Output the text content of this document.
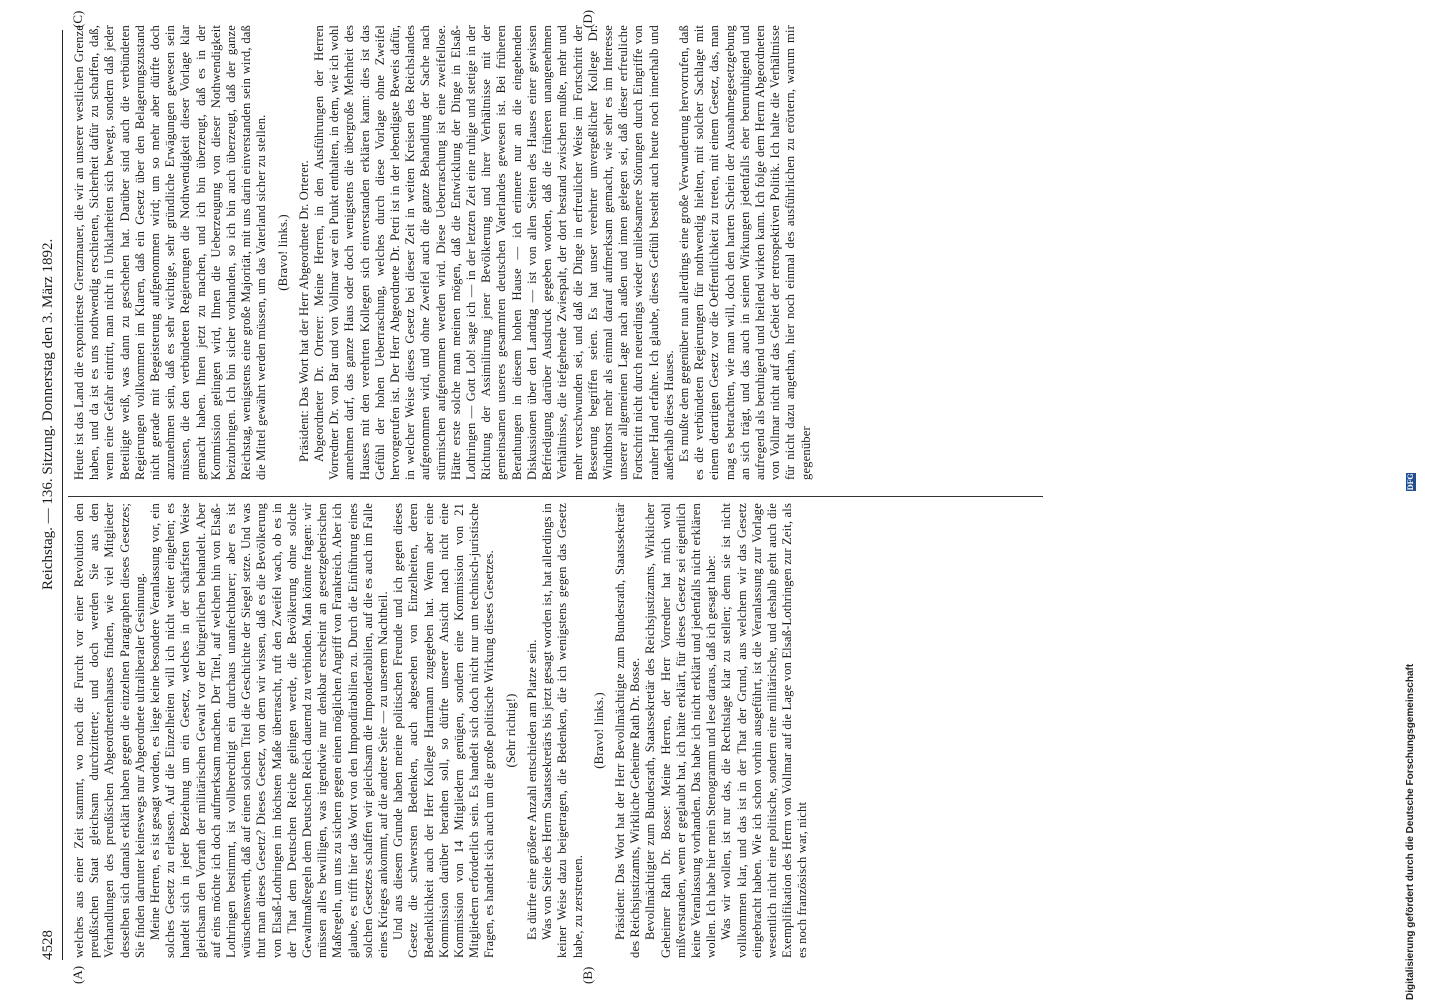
4528
Reichstag. — 136. Sitzung. Donnerstag den 3. März 1892.
(A)	(B)
(C)	(D)

welches aus einer Zeit stammt, wo noch die Furcht vor einer Revolution den preußischen Staat gleichsam durchzitterte; und doch werden Sie aus den Verhandlungen des preußischen Abgeordnetenhauses finden, wie viel Mitglieder desselben sich damals erklärt haben gegen die einzelnen Paragraphen dieses Gesetzes; Sie finden darunter keineswegs nur Abgeordnete ultraliberaler Gesinnung. Meine Herren, es ist gesagt worden, es liege keine besondere Veranlassung vor, ein solches Gesetz zu erlassen. Auf die Einzelheiten will ich nicht weiter eingehen; es handelt sich in jeder Beziehung um ein Gesetz, welches in der schärfsten Weise gleichsam den Vorrath der militärischen Gewalt vor der bürgerlichen behandelt. Aber auf eins möchte ich doch aufmerksam machen. Der Titel, auf welchen hin von Elsaß-Lothringen bestimmt, ist vollberechtigt ein durchaus unanfechtbarer; aber es ist wünschenswerth, daß auf einen solchen Titel die Geschichte der Siegel setze. Und was thut man dieses Gesetz? Dieses Gesetz, von dem wir wissen, daß es die Bevölkerung von Elsaß-Lothringen im höchsten Maße überrascht, ruft den Zweifel wach, ob es in der That dem Deutschen Reiche gelingen werde, die Bevölkerung ohne solche Gewaltmaßregeln dem Deutschen Reich dauernd zu verbinden. Man könnte fragen: wir müssen alles bewilligen, was irgendwie nur denkbar erscheint an gesetzgeberischen Maßregeln, um uns zu sichern gegen einen möglichen Angriff von Frankreich. Aber ich glaube, es trifft hier das Wort von den Impondirabilien zu. Durch die Einführung eines solchen Gesetzes schaffen wir gleichsam die Imponderabilien, auf die es auch im Falle eines Krieges ankommt, auf die andere Seite — zu unserem Nachtheil. Und aus diesem Grunde haben meine politischen Freunde und ich gegen dieses Gesetz die schwersten Bedenken, auch abgesehen von Einzelheiten, deren Bedenklichkeit auch der Herr Kollege Hartmann zugegeben hat. Wenn aber eine Kommission darüber berathen soll, so dürfte unserer Ansicht nach nicht eine Kommission von 14 Mitgliedern genügen, sondern eine Kommission von 21 Mitgliedern erforderlich sein. Es handelt sich doch nicht nur um technisch-juristische Fragen, es handelt sich auch um die große politische Wirkung dieses Gesetzes. (Sehr richtig!) Es dürfte eine größere Anzahl entschieden am Platze sein. Was von Seite des Herrn Staatssekretärs bis jetzt gesagt worden ist, hat allerdings in keiner Weise dazu beigetragen, die Bedenken, die ich wenigstens gegen das Gesetz habe, zu zerstreuen.

(Bravo! links.) Präsident: Das Wort hat der Herr Bevollmächtigte zum Bundesrath, Staatssekretär des Reichsjustizamts, Wirkliche Geheime Rath Dr. Bosse. Bevollmächtigter zum Bundesrath, Staatssekretär des Reichsjustizamts, Wirklicher Geheimer Rath Dr. Bosse: Meine Herren, der Herr Vorredner hat mich wohl mißverstanden, wenn er geglaubt hat, ich hätte erklärt, für dieses Gesetz sei eigentlich keine Veranlassung vorhanden. Das habe ich nicht erklärt und jedenfalls nicht erklären wollen. Ich habe hier mein Stenogramm und lese daraus, daß ich gesagt habe: Was wir wollen, ist nur das, die Rechtslage klar zu stellen; denn sie ist nicht vollkommen klar, und das ist in der That der Grund, aus welchem wir das Gesetz eingebracht haben. Wie ich schon vorhin ausgeführt, ist die Veranlassung zur Vorlage wesentlich nicht eine politische, sondern eine militärische, und deshalb geht auch die Exemplifikation des Herrn von Vollmar auf die Lage von Elsaß-Lothringen zur Zeit, als es noch französisch war, nicht

Heute ist das Land die exponirteste Grenzmauer, die wir an unserer westlichen Grenze haben, und da ist es uns nothwendig erschienen, Sicherheit dafür zu schaffen, daß, wenn eine Gefahr eintritt, man nicht in Unklarheiten sich bewegt, sondern daß jeder Beteiligte weiß, was dann zu geschehen hat. Darüber sind auch die verbündeten Regierungen vollkommen im Klaren, daß ein Gesetz über den Belagerungszustand nicht gerade mit Begeisterung aufgenommen wird; um so mehr aber dürfte doch anzunehmen sein, daß es sehr wichtige, sehr gründliche Erwägungen gewesen sein müssen, die den verbündeten Regierungen die Nothwendigkeit dieser Vorlage klar gemacht haben. Ihnen jetzt zu machen, und ich bin überzeugt, daß es in der Kommission gelingen wird, Ihnen die Ueberzeugung von dieser Nothwendigkeit beizubringen. Ich bin sicher vorhanden, so ich bin auch überzeugt, daß der ganze Reichstag, wenigstens eine große Majorität, mit uns darin einverstanden sein wird, daß die Mittel gewährt werden müssen, um das Vaterland sicher zu stellen. (Bravo! links.) Präsident: Das Wort hat der Herr Abgeordnete Dr. Orterer. Abgeordneter Dr. Orterer: Meine Herren, in den Ausführungen der Herren Vorredner Dr. von Bar und von Vollmar war ein Punkt enthalten, in dem, wie ich wohl annehmen darf, das ganze Haus oder doch wenigstens die übergroße Mehrheit des Hauses mit den verehrten Kollegen sich einverstanden erklären kann: dies ist das Gefühl der hohen Ueberraschung, welches durch diese Vorlage ohne Zweifel hervorgerufen ist. Der Herr Abgeordnete Dr. Petri ist in der lebendigste Beweis dafür, in welcher Weise dieses Gesetz bei dieser Zeit in weiten Kreisen des Reichslandes aufgenommen wird, und ohne Zweifel auch die ganze Behandlung der Sache nach stürmischen aufgenommen werden wird. Diese Ueberraschung ist eine zweifellose. Hätte erste solche man meinen mögen, daß die Entwicklung der Dinge in Elsaß-Lothringen — Gott Lob! sage ich — in der letzten Zeit eine ruhige und stetige in der Richtung der Assimilirung jener Bevölkerung und ihrer Verhältnisse mit der gemeinsamen unseres gesammten deutschen Vaterlandes gewesen ist. Bei früheren Berathungen in diesem hohen Hause — ich erinnere nur an die eingehenden Diskussionen über den Landtag — ist von allen Seiten des Hauses einer gewissen Befriedigung darüber Ausdruck gegeben worden, daß die früheren unangenehmen Verhältnisse, die tiefgehende Zwiespalt, der dort bestand zwischen mußte, mehr und mehr verschwunden sei, und daß die Dinge in erfreulicher Weise im Fortschritt der Besserung begriffen seien. Es hat unser verehrter unvergeßlicher Kollege Dr. Windthorst mehr als einmal darauf aufmerksam gemacht, wie sehr es im Interesse unserer allgemeinen Lage nach außen und innen gelegen sei, daß dieser erfreuliche Fortschritt nicht durch neuerdings wieder unliebsamere Störungen durch Eingriffe von rauher Hand erfahre. Ich glaube, dieses Gefühl besteht auch heute noch innerhalb und außerhalb dieses Hauses. Es mußte dem gegenüber nun allerdings eine große Verwunderung hervorrufen, daß es die verbündeten Regierungen für nothwendig hielten, mit solcher Sachlage mit einem derartigen Gesetz vor die Oeffentlichkeit zu treten, mit einem Gesetz, das, man mag es betrachten, wie man will, doch den harten Schein der Ausnahmegesetzgebung an sich trägt, und das auch in seinen Wirkungen jedenfalls eher beunruhigend und aufregend als beruhigend und heilend wirken kann. Ich folge dem Herrn Abgeordneten von Vollmar nicht auf das Gebiet der retrospektiven Politik. Ich halte die Verhältnisse für nicht dazu angethan, hier noch einmal des ausführlichen zu erörtern, warum mir gegenüber

Digitalisierung gefördert durch die Deutsche Forschungsgemeinschaft
DFG
